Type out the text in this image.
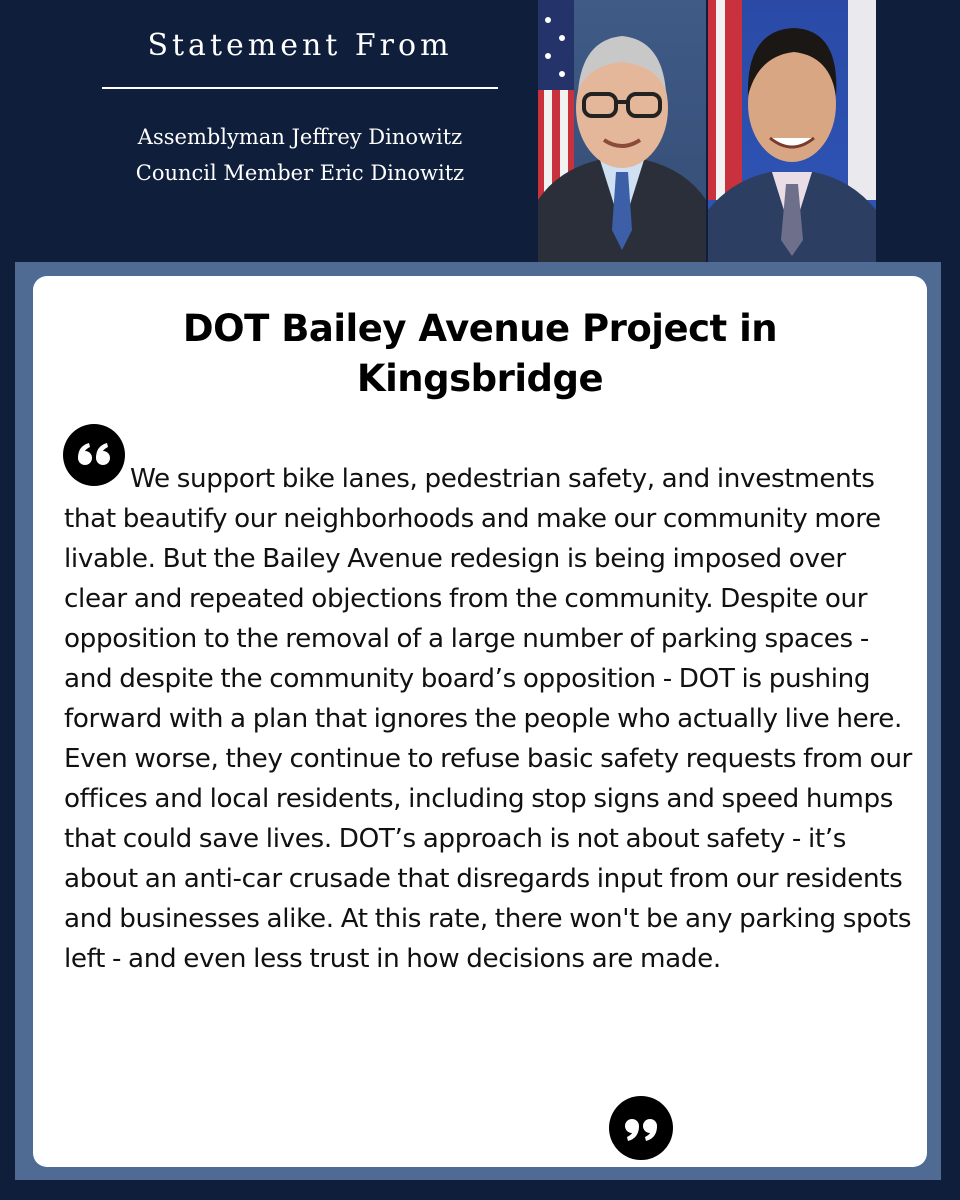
Statement From
Assemblyman Jeffrey Dinowitz
Council Member Eric Dinowitz
DOT Bailey Avenue Project in Kingsbridge
We support bike lanes, pedestrian safety, and investments that beautify our neighborhoods and make our community more livable. But the Bailey Avenue redesign is being imposed over clear and repeated objections from the community. Despite our opposition to the removal of a large number of parking spaces - and despite the community board’s opposition - DOT is pushing forward with a plan that ignores the people who actually live here. Even worse, they continue to refuse basic safety requests from our offices and local residents, including stop signs and speed humps that could save lives. DOT’s approach is not about safety - it’s about an anti-car crusade that disregards input from our residents and businesses alike. At this rate, there won't be any parking spots left - and even less trust in how decisions are made.
